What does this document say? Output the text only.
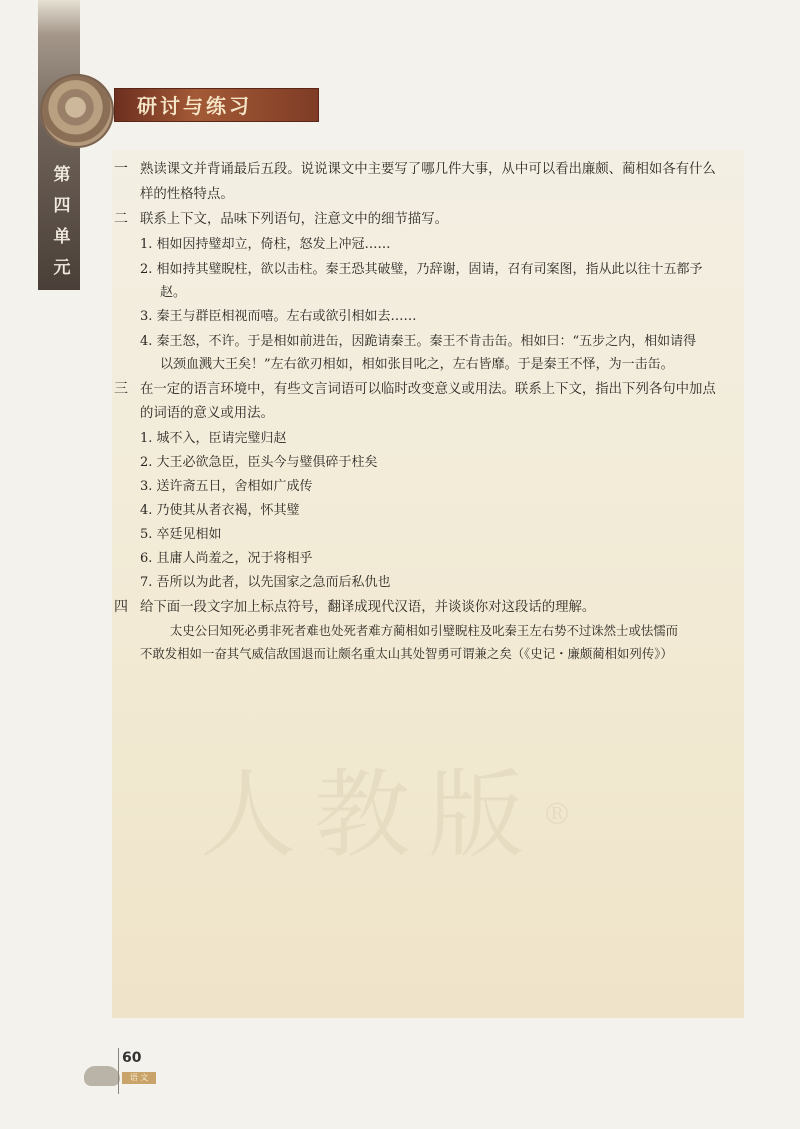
人教版®
第
四
单
元
研讨与练习
一 熟读课文并背诵最后五段。说说课文中主要写了哪几件大事，从中可以看出廉颇、蔺相如各有什么
样的性格特点。
二 联系上下文，品味下列语句，注意文中的细节描写。
1. 相如因持璧却立，倚柱，怒发上冲冠……
2. 相如持其璧睨柱，欲以击柱。秦王恐其破璧，乃辞谢，固请，召有司案图，指从此以往十五都予
赵。
3. 秦王与群臣相视而嘻。左右或欲引相如去……
4. 秦王怒，不许。于是相如前进缶，因跪请秦王。秦王不肯击缶。相如曰：“五步之内，相如请得
以颈血溅大王矣！”左右欲刃相如，相如张目叱之，左右皆靡。于是秦王不怿，为一击缶。
三 在一定的语言环境中，有些文言词语可以临时改变意义或用法。联系上下文，指出下列各句中加点
的词语的意义或用法。
1. 城不入，臣请完璧归赵
2. 大王必欲急臣，臣头今与璧俱碎于柱矣
3. 送许斋五日，舍相如广成传
4. 乃使其从者衣褐，怀其璧
5. 卒廷见相如
6. 且庸人尚羞之，况于将相乎
7. 吾所以为此者，以先国家之急而后私仇也
四 给下面一段文字加上标点符号，翻译成现代汉语，并谈谈你对这段话的理解。
太史公曰知死必勇非死者难也处死者难方蔺相如引璧睨柱及叱秦王左右势不过诛然士或怯懦而
不敢发相如一奋其气威信敌国退而让颇名重太山其处智勇可谓兼之矣（《史记・廉颇蔺相如列传》）
60
语 文
